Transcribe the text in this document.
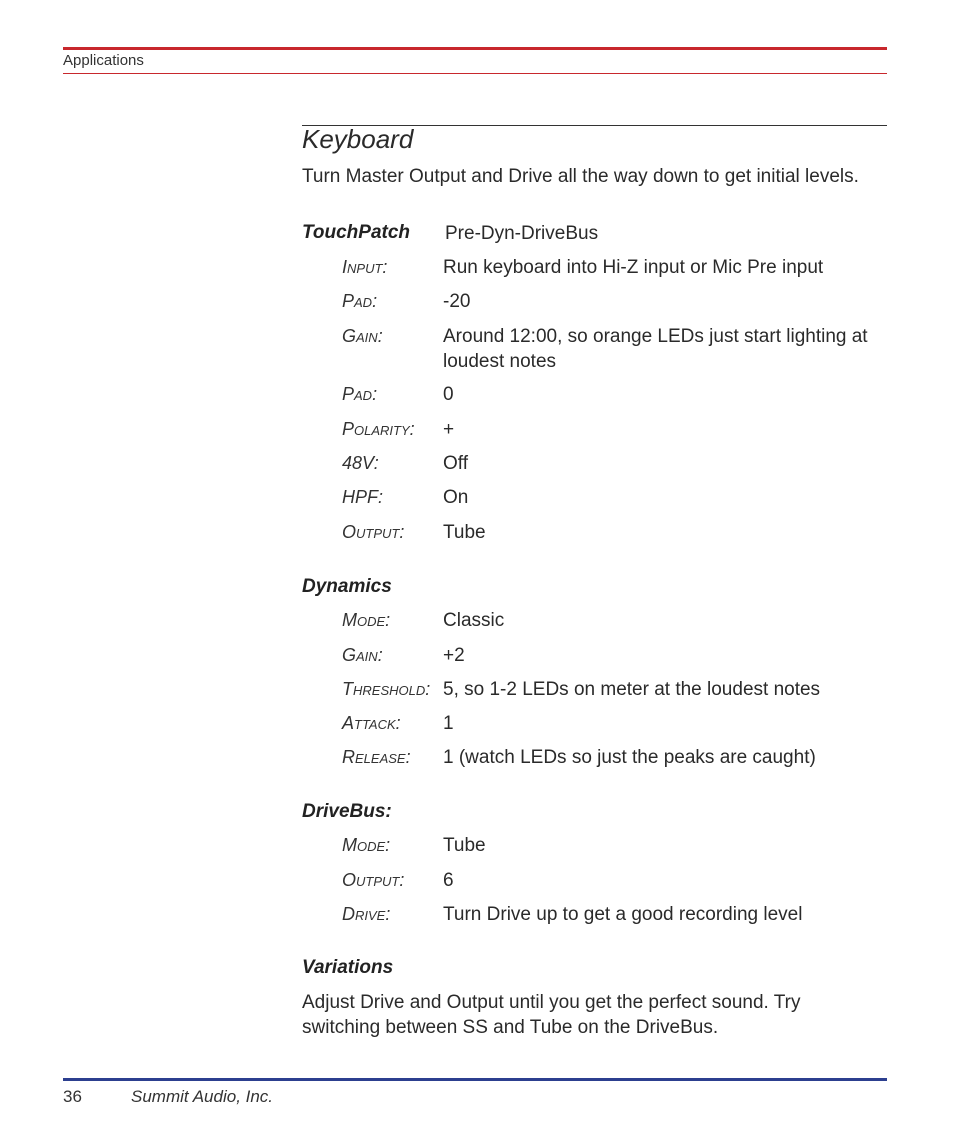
Applications
Keyboard
Turn Master Output and Drive all the way down to get initial levels.
TouchPatch Pre-Dyn-DriveBus
INPUT:	Run keyboard into Hi-Z input or Mic Pre input
PAD:	-20
GAIN:	Around 12:00, so orange LEDs just start lighting at loudest notes
PAD:	0
POLARITY: +
48V:	Off
HPF:	On
OUTPUT: Tube
Dynamics
MODE:	Classic
GAIN:	+2
THRESHOLD: 5, so 1-2 LEDs on meter at the loudest notes
ATTACK: 1
RELEASE: 1 (watch LEDs so just the peaks are caught)
DriveBus:
MODE:	Tube
OUTPUT: 6
DRIVE:	Turn Drive up to get a good recording level
Variations
Adjust Drive and Output until you get the perfect sound. Try switching between SS and Tube on the DriveBus.
36	Summit Audio, Inc.
